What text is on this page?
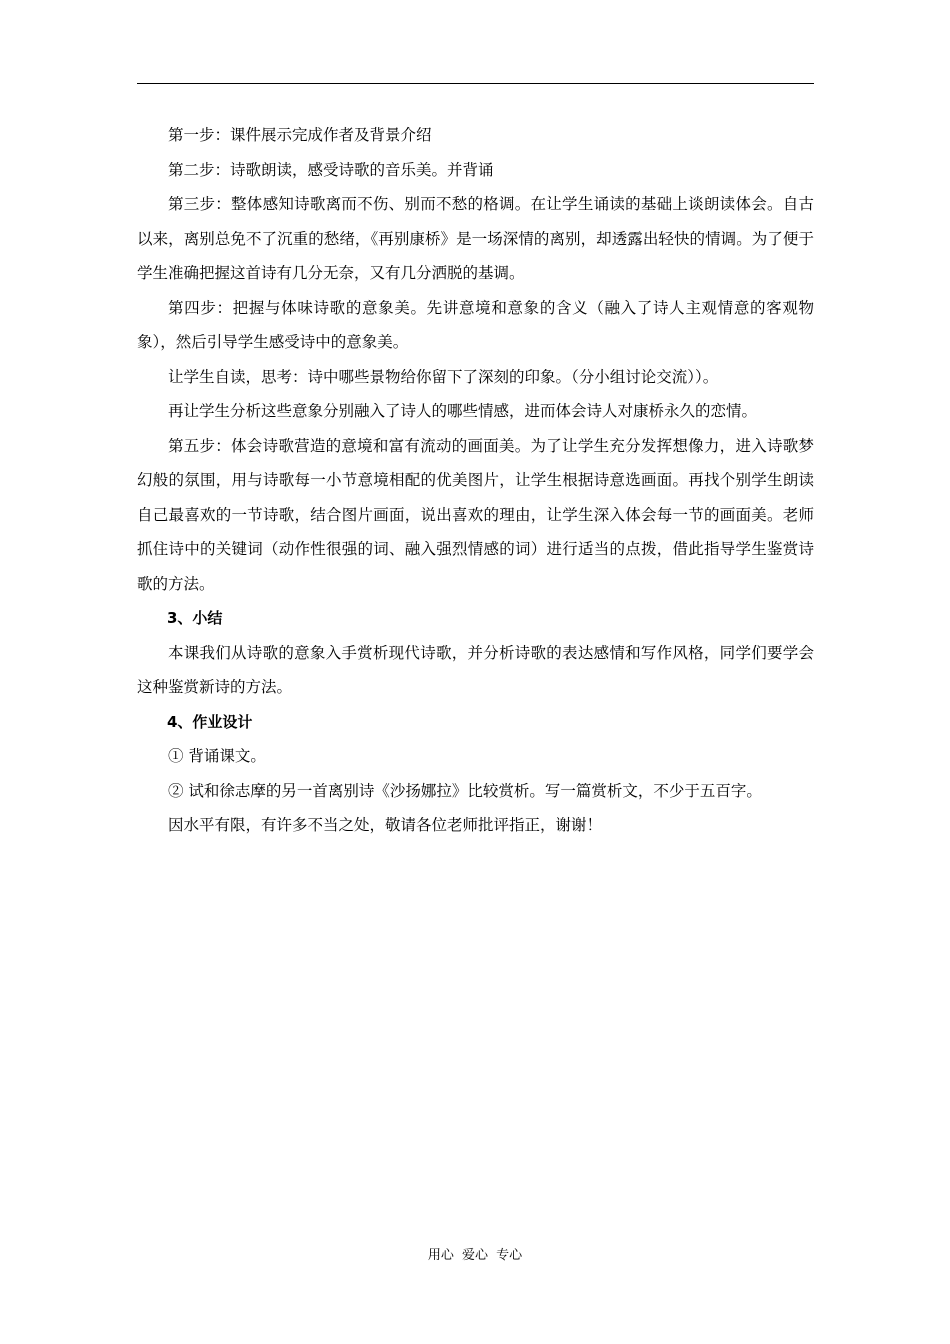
第一步：课件展示完成作者及背景介绍

第二步：诗歌朗读，感受诗歌的音乐美。并背诵

第三步：整体感知诗歌离而不伤、别而不愁的格调。在让学生诵读的基础上谈朗读体会。自古以来，离别总免不了沉重的愁绪，《再别康桥》是一场深情的离别，却透露出轻快的情调。为了便于学生准确把握这首诗有几分无奈，又有几分洒脱的基调。

第四步：把握与体味诗歌的意象美。先讲意境和意象的含义（融入了诗人主观情意的客观物象），然后引导学生感受诗中的意象美。

让学生自读，思考：诗中哪些景物给你留下了深刻的印象。（分小组讨论交流））。

再让学生分析这些意象分别融入了诗人的哪些情感，进而体会诗人对康桥永久的恋情。

第五步：体会诗歌营造的意境和富有流动的画面美。为了让学生充分发挥想像力，进入诗歌梦幻般的氛围，用与诗歌每一小节意境相配的优美图片，让学生根据诗意选画面。再找个别学生朗读自己最喜欢的一节诗歌，结合图片画面，说出喜欢的理由，让学生深入体会每一节的画面美。老师抓住诗中的关键词（动作性很强的词、融入强烈情感的词）进行适当的点拨，借此指导学生鉴赏诗歌的方法。

3、小结

本课我们从诗歌的意象入手赏析现代诗歌，并分析诗歌的表达感情和写作风格，同学们要学会这种鉴赏新诗的方法。

4、作业设计

① 背诵课文。

② 试和徐志摩的另一首离别诗《沙扬娜拉》比较赏析。写一篇赏析文，不少于五百字。

因水平有限，有许多不当之处，敬请各位老师批评指正，谢谢！

用心 爱心 专心
